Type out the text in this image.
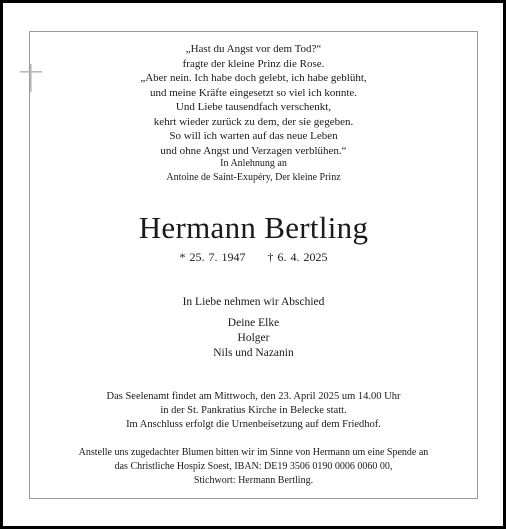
„Hast du Angst vor dem Tod?“
fragte der kleine Prinz die Rose.
„Aber nein. Ich habe doch gelebt, ich habe geblüht,
und meine Kräfte eingesetzt so viel ich konnte.
Und Liebe tausendfach verschenkt,
kehrt wieder zurück zu dem, der sie gegeben.
So will ich warten auf das neue Leben
und ohne Angst und Verzagen verblühen.“
In Anlehnung an
Antoine de Saint-Exupéry, Der kleine Prinz
Hermann Bertling
* 25. 7. 1947 † 6. 4. 2025
In Liebe nehmen wir Abschied
Deine Elke
Holger
Nils und Nazanin
Das Seelenamt findet am Mittwoch, den 23. April 2025 um 14.00 Uhr
in der St. Pankratius Kirche in Belecke statt.
Im Anschluss erfolgt die Urnenbeisetzung auf dem Friedhof.
Anstelle uns zugedachter Blumen bitten wir im Sinne von Hermann um eine Spende an
das Christliche Hospiz Soest, IBAN: DE19 3506 0190 0006 0060 00,
Stichwort: Hermann Bertling.
